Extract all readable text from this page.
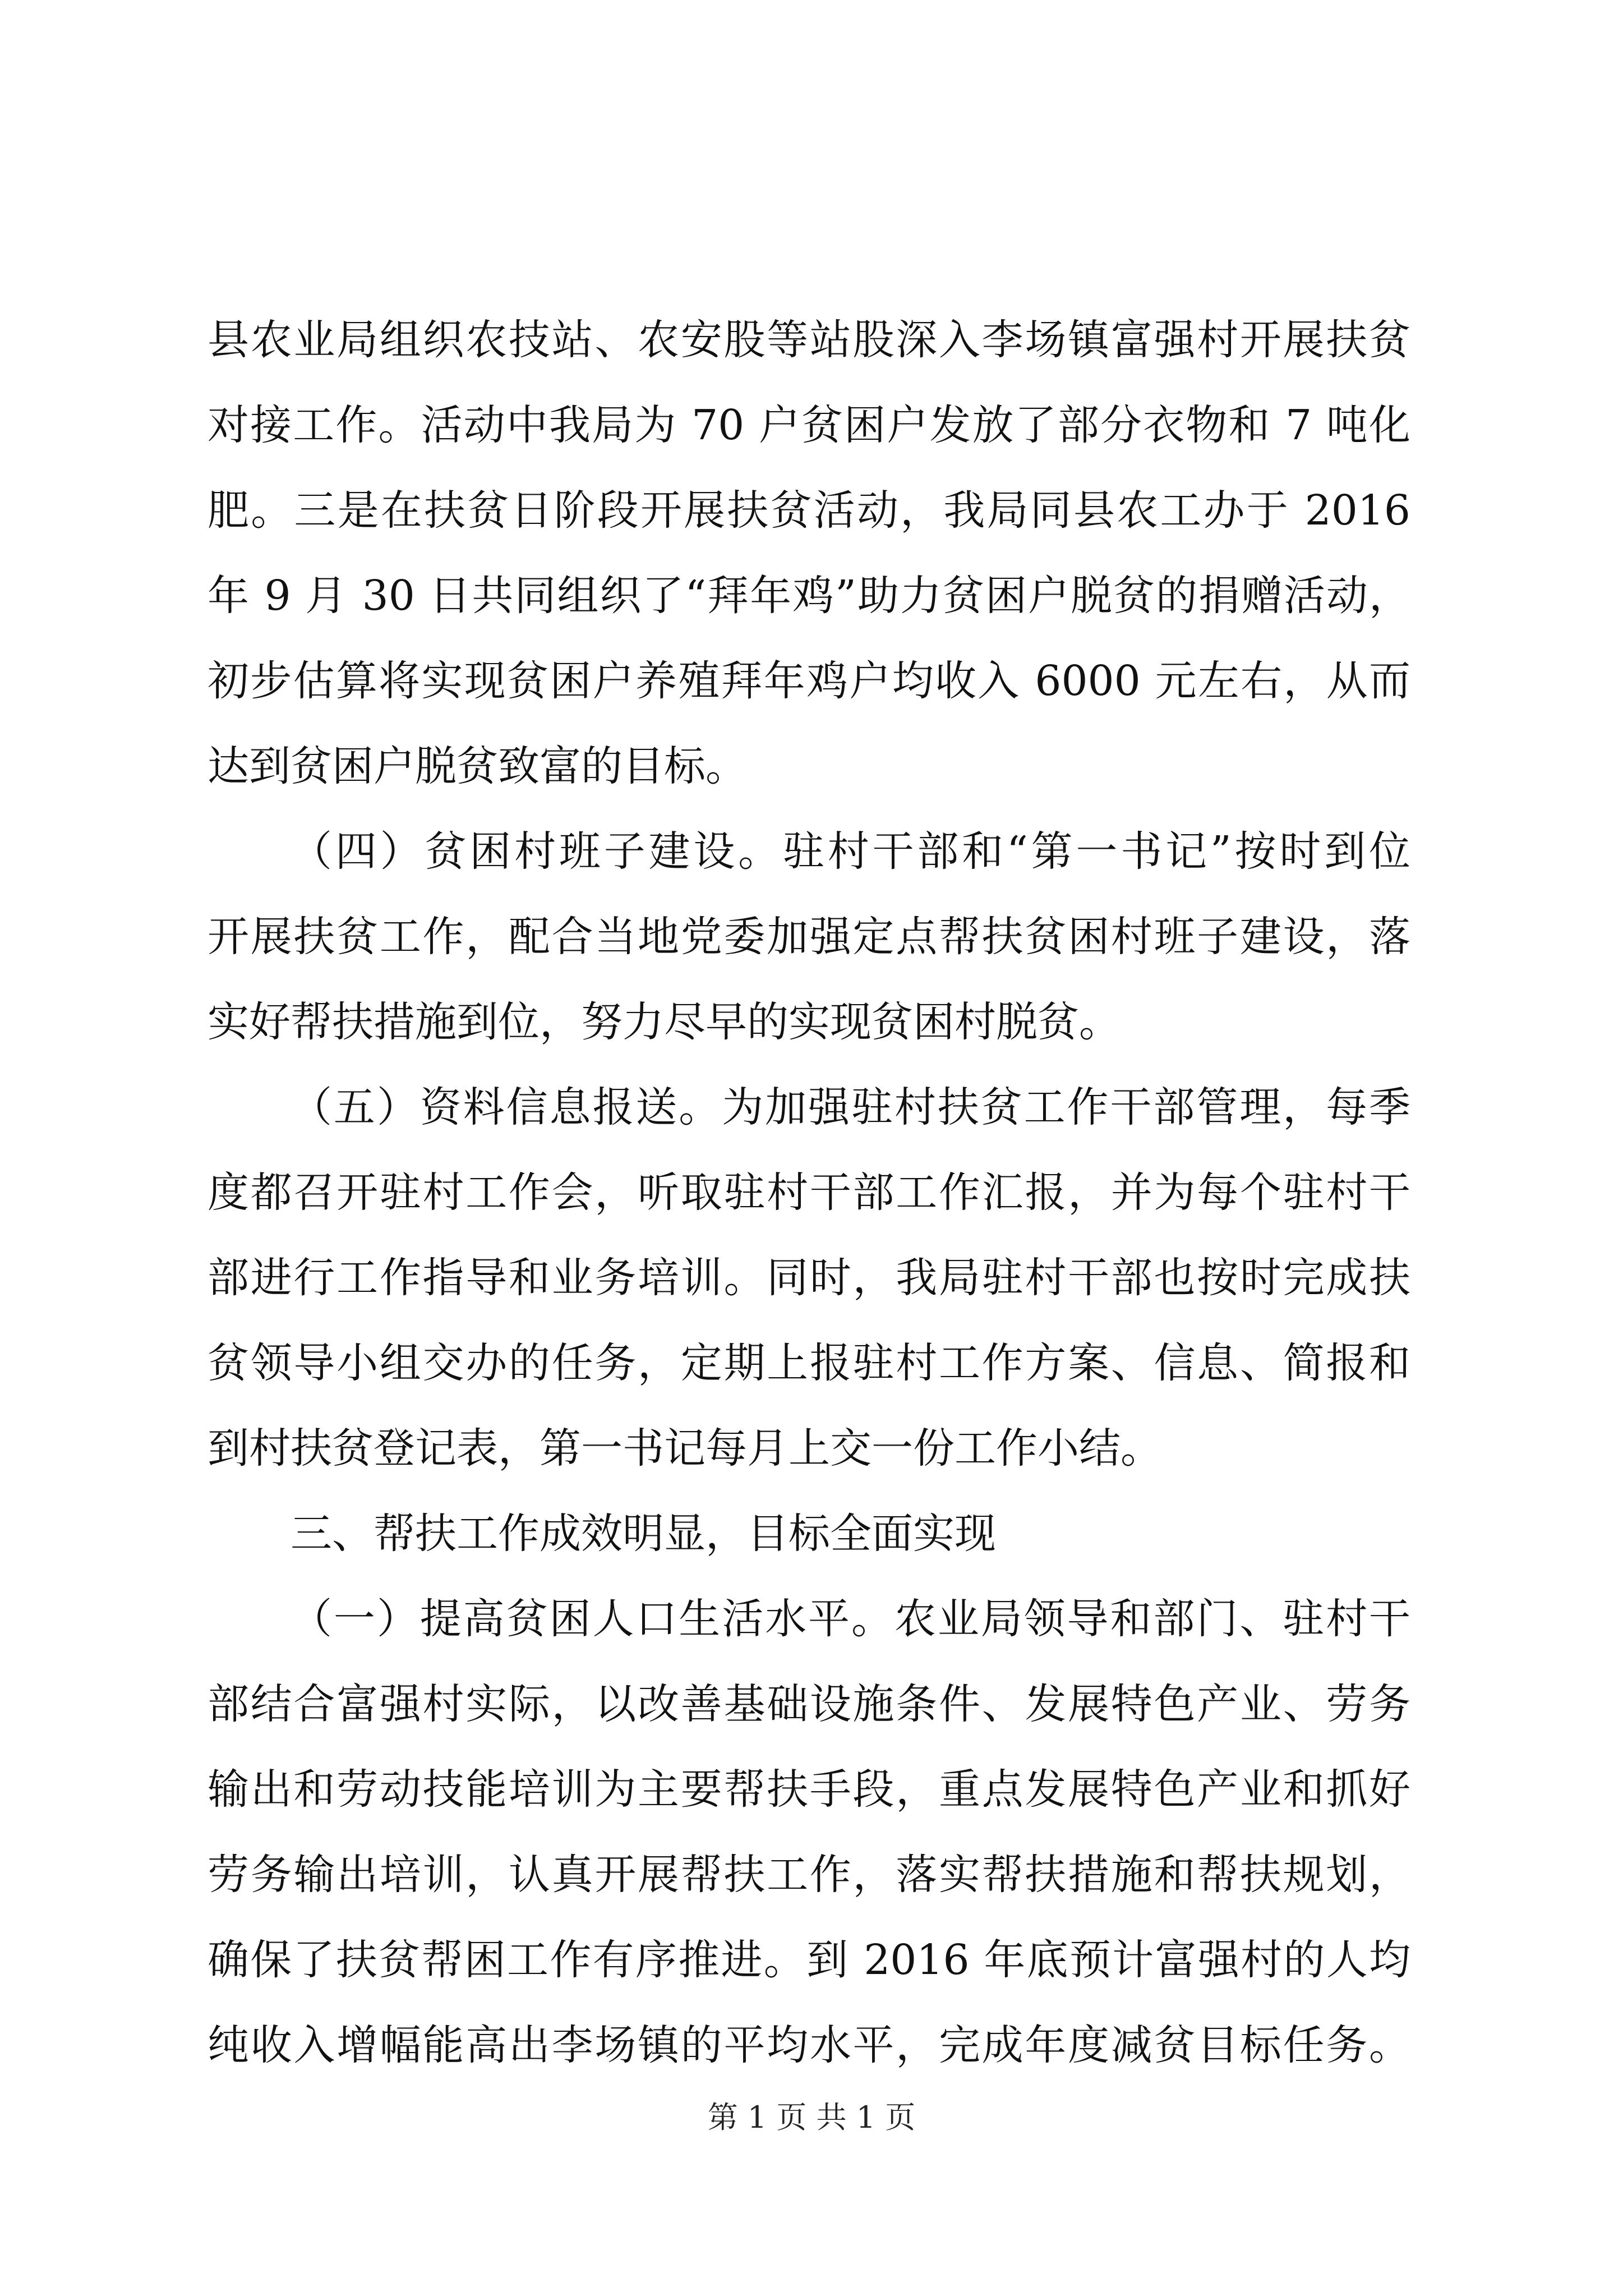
县农业局组织农技站、农安股等站股深入李场镇富强村开展扶贫
对接工作。活动中我局为 70 户贫困户发放了部分衣物和 7 吨化
肥。三是在扶贫日阶段开展扶贫活动，我局同县农工办于 2016
年 9 月 30 日共同组织了“拜年鸡”助力贫困户脱贫的捐赠活动，
初步估算将实现贫困户养殖拜年鸡户均收入 6000 元左右，从而
达到贫困户脱贫致富的目标。
（四）贫困村班子建设。驻村干部和“第一书记”按时到位
开展扶贫工作，配合当地党委加强定点帮扶贫困村班子建设，落
实好帮扶措施到位，努力尽早的实现贫困村脱贫。
（五）资料信息报送。为加强驻村扶贫工作干部管理，每季
度都召开驻村工作会，听取驻村干部工作汇报，并为每个驻村干
部进行工作指导和业务培训。同时，我局驻村干部也按时完成扶
贫领导小组交办的任务，定期上报驻村工作方案、信息、简报和
到村扶贫登记表，第一书记每月上交一份工作小结。
三、帮扶工作成效明显，目标全面实现
（一）提高贫困人口生活水平。农业局领导和部门、驻村干
部结合富强村实际，以改善基础设施条件、发展特色产业、劳务
输出和劳动技能培训为主要帮扶手段，重点发展特色产业和抓好
劳务输出培训，认真开展帮扶工作，落实帮扶措施和帮扶规划，
确保了扶贫帮困工作有序推进。到 2016 年底预计富强村的人均
纯收入增幅能高出李场镇的平均水平，完成年度减贫目标任务。
第 1 页 共 1 页
